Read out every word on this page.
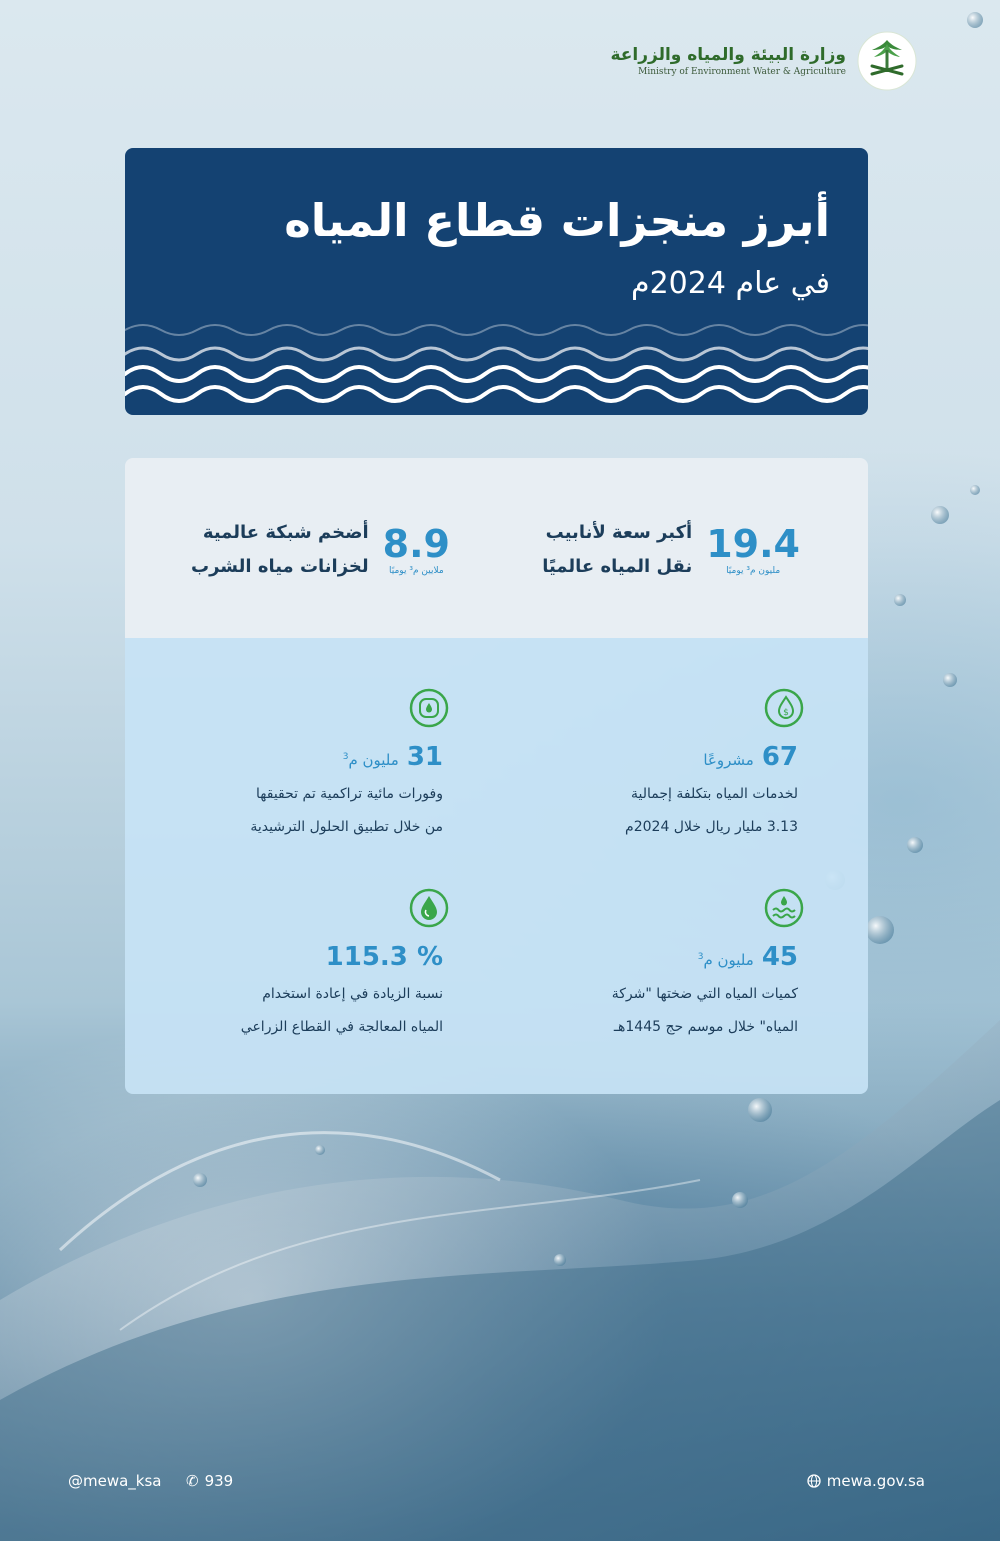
وزارة البيئة والمياه والزراعة
Ministry of Environment Water & Agriculture
أبرز منجزات قطاع المياه
في عام 2024م
19.4
مليون م³ يوميًا
أكبر سعة لأنابيب
نقل المياه عالميًا
8.9
ملايين م³ يوميًا
أضخم شبكة عالمية
لخزانات مياه الشرب
$
67
مشروعًا
لخدمات المياه بتكلفة إجمالية
3.13 مليار ريال خلال 2024م
31
مليون م$^3$
وفورات مائية تراكمية تم تحقيقها
من خلال تطبيق الحلول الترشيدية
45
مليون م$^3$
كميات المياه التي ضختها "شركة
المياه" خلال موسم حج 1445هـ
115.3 %
نسبة الزيادة في إعادة استخدام
المياه المعالجة في القطاع الزراعي
@mewa_ksa ✆ 939	mewa.gov.sa
